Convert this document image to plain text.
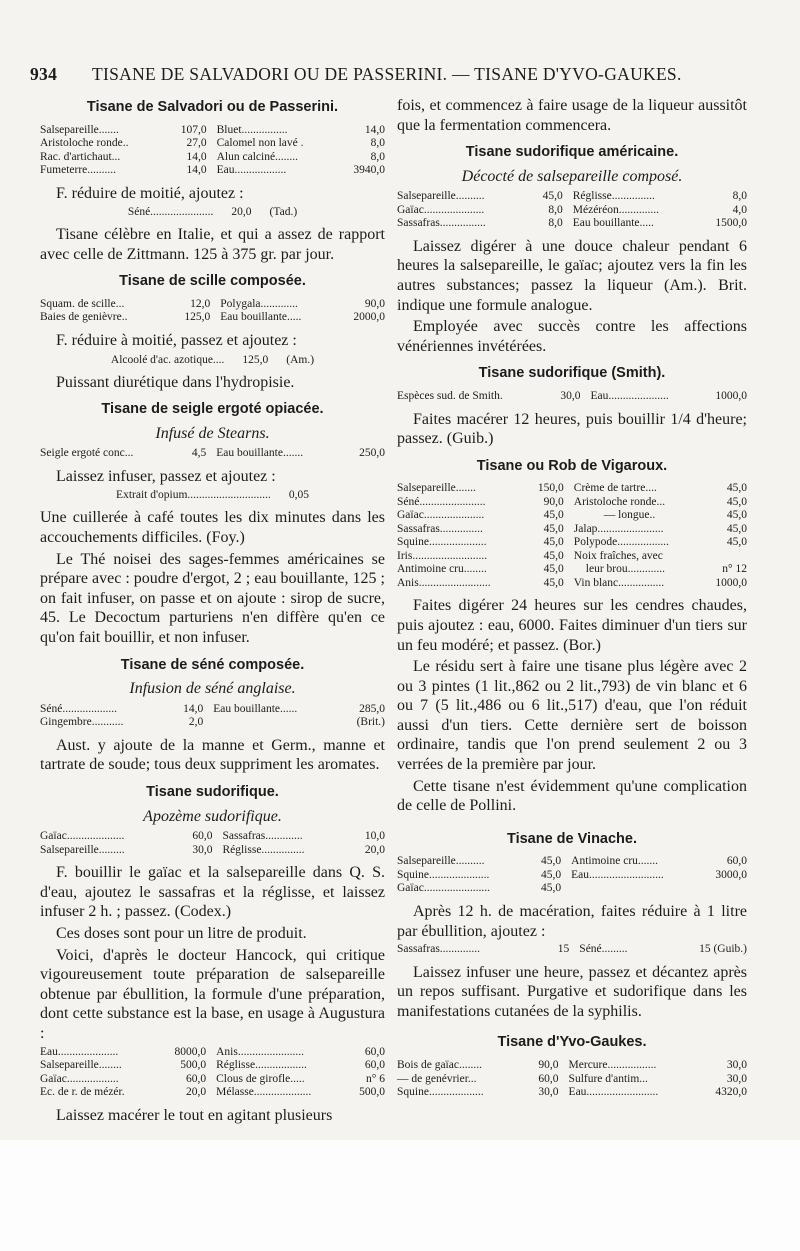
934 TISANE DE SALVADORI OU DE PASSERINI. — TISANE D'YVO-GAUKES.
Tisane de Salvadori ou de Passerini.
Salsepareille.......	107,0	Bluet................	14,0
Aristoloche ronde..	27,0	Calomel non lavé .	8,0
Rac. d'artichaut...	14,0	Alun calciné........	8,0
Fumeterre..........	14,0	Eau..................	3940,0

F. réduire de moitié, ajoutez :

Séné...................... 20,0 (Tad.)

Tisane célèbre en Italie, et qui a assez de rapport avec celle de Zittmann. 125 à 375 gr. par jour.

Tisane de scille composée.
Squam. de scille...	12,0	Polygala.............	90,0
Baies de genièvre..	125,0	Eau bouillante.....	2000,0

F. réduire à moitié, passez et ajoutez :

Alcoolé d'ac. azotique.... 125,0 (Am.)

Puissant diurétique dans l'hydropisie.

Tisane de seigle ergoté opiacée.
Infusé de Stearns.
Seigle ergoté conc...	4,5	Eau bouillante.......	250,0

Laissez infuser, passez et ajoutez :

Extrait d'opium............................. 0,05

Une cuillerée à café toutes les dix minutes dans les accouchements difficiles. (Foy.)

Le Thé noisei des sages-femmes américaines se prépare avec : poudre d'ergot, 2 ; eau bouillante, 125 ; on fait infuser, on passe et on ajoute : sirop de sucre, 45. Le Decoctum parturiens n'en diffère qu'en ce qu'on fait bouillir, et non infuser.

Tisane de séné composée.
Infusion de séné anglaise.
Séné...................	14,0	Eau bouillante......	285,0
Gingembre...........	2,0		(Brit.)

Aust. y ajoute de la manne et Germ., manne et tartrate de soude; tous deux suppriment les aromates.

Tisane sudorifique.
Apozème sudorifique.
Gaïac....................	60,0	Sassafras.............	10,0
Salsepareille.........	30,0	Réglisse...............	20,0

F. bouillir le gaïac et la salsepareille dans Q. S. d'eau, ajoutez le sassafras et la réglisse, et laissez infuser 2 h. ; passez. (Codex.)

Ces doses sont pour un litre de produit.

Voici, d'après le docteur Hancock, qui critique vigoureusement toute préparation de salsepareille obtenue par ébullition, la formule d'une préparation, dont cette substance est la base, en usage à Augustura :

Eau.....................	8000,0	Anis.......................	60,0
Salsepareille........	500,0	Réglisse..................	60,0
Gaïac..................	60,0	Clous de girofle.....	n° 6
Ec. de r. de mézér.	20,0	Mélasse....................	500,0

Laissez macérer le tout en agitant plusieurs

fois, et commencez à faire usage de la liqueur aussitôt que la fermentation commencera.

Tisane sudorifique américaine.
Décocté de salsepareille composé.
Salsepareille..........	45,0	Réglisse...............	8,0
Gaïac.....................	8,0	Mézéréon..............	4,0
Sassafras................	8,0	Eau bouillante.....	1500,0

Laissez digérer à une douce chaleur pendant 6 heures la salsepareille, le gaïac; ajoutez vers la fin les autres substances; passez la liqueur (Am.). Brit. indique une formule analogue.

Employée avec succès contre les affections vénériennes invétérées.

Tisane sudorifique (Smith).
Espèces sud. de Smith.	30,0	Eau.....................	1000,0

Faites macérer 12 heures, puis bouillir 1/4 d'heure; passez. (Guib.)

Tisane ou Rob de Vigaroux.
Salsepareille.......	150,0	Crème de tartre....	45,0
Séné.......................	90,0	Aristoloche ronde...	45,0
Gaïac.....................	45,0	— longue..	45,0
Sassafras...............	45,0	Jalap.......................	45,0
Squine....................	45,0	Polypode..................	45,0
Iris..........................	45,0	Noix fraîches, avec	
Antimoine cru........	45,0	leur brou.............	n° 12
Anis.........................	45,0	Vin blanc................	1000,0

Faites digérer 24 heures sur les cendres chaudes, puis ajoutez : eau, 6000. Faites diminuer d'un tiers sur un feu modéré; et passez. (Bor.)

Le résidu sert à faire une tisane plus légère avec 2 ou 3 pintes (1 lit.,862 ou 2 lit.,793) de vin blanc et 6 ou 7 (5 lit.,486 ou 6 lit.,517) d'eau, que l'on réduit aussi d'un tiers. Cette dernière sert de boisson ordinaire, tandis que l'on prend seulement 2 ou 3 verrées de la première par jour.

Cette tisane n'est évidemment qu'une complication de celle de Pollini.

Tisane de Vinache.
Salsepareille..........	45,0	Antimoine cru.......	60,0
Squine.....................	45,0	Eau..........................	3000,0
Gaïac.......................	45,0		

Après 12 h. de macération, faites réduire à 1 litre par ébullition, ajoutez :

Sassafras..............	15	Séné.........	15 (Guib.)

Laissez infuser une heure, passez et décantez après un repos suffisant. Purgative et sudorifique dans les manifestations cutanées de la syphilis.

Tisane d'Yvo-Gaukes.
Bois de gaïac........	90,0	Mercure.................	30,0
— de genévrier...	60,0	Sulfure d'antim...	30,0
Squine...................	30,0	Eau.........................	4320,0
